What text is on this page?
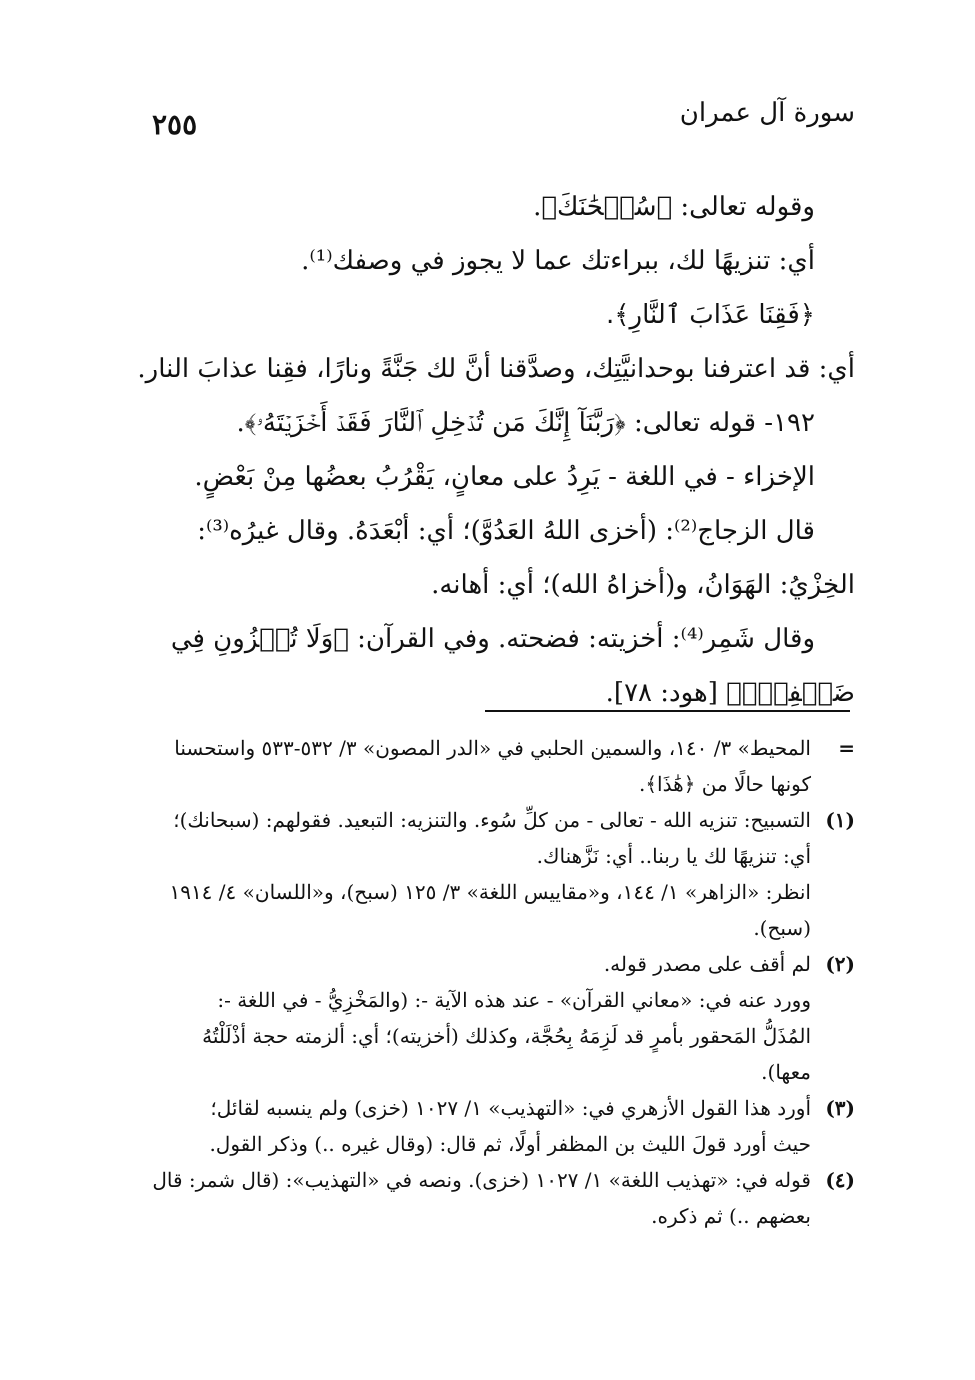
سورة آل عمران
٢٥٥

وقوله تعالى: ﴿سُبۡحَٰنَكَ﴾.

أي: تنزيهًا لك، ببراءتك عما لا يجوز في وصفك⁽¹⁾.

﴿فَقِنَا عَذَابَ ٱلنَّارِ﴾.

أي: قد اعترفنا بوحدانيَّتِك، وصدَّقنا أنَّ لك جَنَّةً ونارًا، فقِنا عذابَ النار.

١٩٢- قوله تعالى: ﴿رَبَّنَآ إِنَّكَ مَن تُدۡخِلِ ٱلنَّارَ فَقَدۡ أَخۡزَيۡتَهُۥ﴾.

الإخزاء - في اللغة - يَرِدُ على معانٍ، يَقْرُبُ بعضُها مِنْ بَعْضٍ.

قال الزجاج⁽²⁾: (أخزى اللهُ العَدُوَّ)؛ أي: أبْعَدَهُ. وقال غيرُه⁽³⁾:

الخِزْيُ: الهَوَانُ، و(أخزاهُ الله)؛ أي: أهانه.

وقال شَمِر⁽⁴⁾: أخزيته: فضحته. وفي القرآن: ﴿وَلَا تُخۡزُونِ فِي

ضَيۡفِيٓۖ﴾ [هود: ٧٨].

=

المحيط» ٣/ ١٤٠، والسمين الحلبي في «الدر المصون» ٣/ ٥٣٢-٥٣٣ واستحسنا

كونها حالًا من ﴿هَٰذَا﴾.

(١)

التسبيح: تنزيه الله - تعالى - من كلِّ سُوء. والتنزيه: التبعيد. فقولهم: (سبحانك)؛

أي: تنزيهًا لك يا ربنا.. أي: نَزَّهناك.

انظر: «الزاهر» ١/ ١٤٤، و«مقاييس اللغة» ٣/ ١٢٥ (سبح)، و«اللسان» ٤/ ١٩١٤

(سبح).

(٢)

لم أقف على مصدر قوله.

وورد عنه في: «معاني القرآن» - عند هذه الآية -: (والمَخْزِيُّ - في اللغة -:

المُذَلُّ المَحقور بأمرٍ قد لَزِمَهُ بِحُجَّة، وكذلك (أخزيته)؛ أي: ألزمته حجة أذْلَلْتُهُ

معها).

(٣)

أورد هذا القول الأزهري في: «التهذيب» ١/ ١٠٢٧ (خزى) ولم ينسبه لقائل؛

حيث أورد قولَ الليث بن المظفر أولًا، ثم قال: (وقال غيره ..) وذكر القول.

(٤)

قوله في: «تهذيب اللغة» ١/ ١٠٢٧ (خزى). ونصه في «التهذيب»: (قال شمر: قال

بعضهم ..) ثم ذكره.
